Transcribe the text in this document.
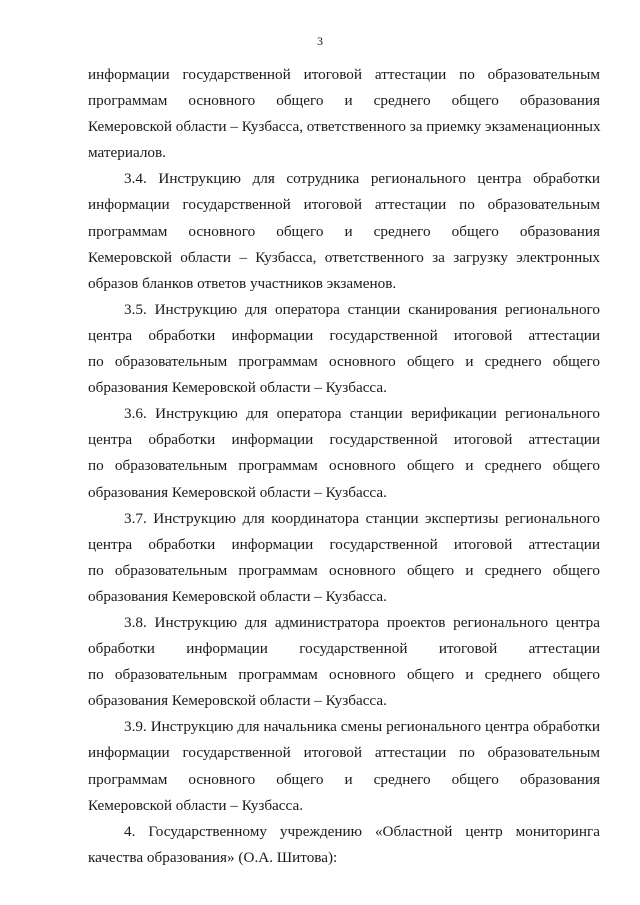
3

информации государственной итоговой аттестации по образовательным
программам основного общего и среднего общего образования
Кемеровской области – Кузбасса, ответственного за приемку экзаменационных
материалов.

3.4. Инструкцию для сотрудника регионального центра обработки
информации государственной итоговой аттестации по образовательным
программам основного общего и среднего общего образования
Кемеровской области – Кузбасса, ответственного за загрузку электронных
образов бланков ответов участников экзаменов.

3.5. Инструкцию для оператора станции сканирования регионального
центра обработки информации государственной итоговой аттестации
по образовательным программам основного общего и среднего общего
образования Кемеровской области – Кузбасса.

3.6. Инструкцию для оператора станции верификации регионального
центра обработки информации государственной итоговой аттестации
по образовательным программам основного общего и среднего общего
образования Кемеровской области – Кузбасса.

3.7. Инструкцию для координатора станции экспертизы регионального
центра обработки информации государственной итоговой аттестации
по образовательным программам основного общего и среднего общего
образования Кемеровской области – Кузбасса.

3.8. Инструкцию для администратора проектов регионального центра
обработки информации государственной итоговой аттестации
по образовательным программам основного общего и среднего общего
образования Кемеровской области – Кузбасса.

3.9. Инструкцию для начальника смены регионального центра обработки
информации государственной итоговой аттестации по образовательным
программам основного общего и среднего общего образования
Кемеровской области – Кузбасса.

4. Государственному учреждению «Областной центр мониторинга
качества образования» (О.А. Шитова):
